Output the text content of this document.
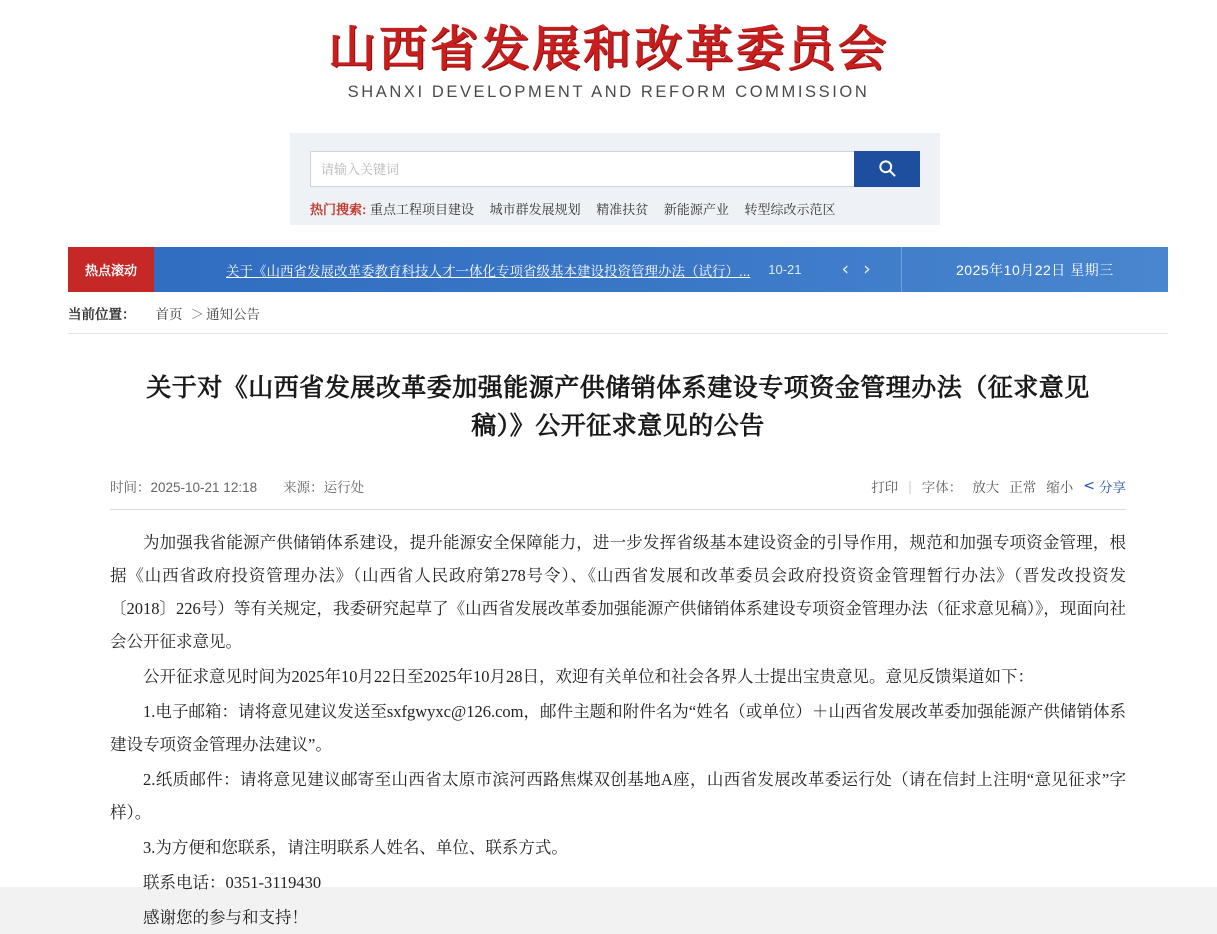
山西省发展和改革委员会
SHANXI DEVELOPMENT AND REFORM COMMISSION
请输入关键词
热门搜索: 重点工程项目建设 城市群发展规划 精准扶贫 新能源产业 转型综改示范区
热点滚动	关于《山西省发展改革委教育科技人才一体化专项省级基本建设投资管理办法（试行）... 10-21 ‹ ›	2025年10月22日 星期三
当前位置： 首页 ＞ 通知公告
关于对《山西省发展改革委加强能源产供储销体系建设专项资金管理办法（征求意见稿）》公开征求意见的公告
时间：2025-10-21 12:18 来源：运行处	打印 | 字体： 放大 正常 缩小 < 分享

为加强我省能源产供储销体系建设，提升能源安全保障能力，进一步发挥省级基本建设资金的引导作用，规范和加强专项资金管理，根据《山西省政府投资管理办法》（山西省人民政府第278号令）、《山西省发展和改革委员会政府投资资金管理暂行办法》（晋发改投资发〔2018〕226号）等有关规定，我委研究起草了《山西省发展改革委加强能源产供储销体系建设专项资金管理办法（征求意见稿）》，现面向社会公开征求意见。

公开征求意见时间为2025年10月22日至2025年10月28日，欢迎有关单位和社会各界人士提出宝贵意见。意见反馈渠道如下：

1.电子邮箱：请将意见建议发送至sxfgwyxc@126.com，邮件主题和附件名为“姓名（或单位）＋山西省发展改革委加强能源产供储销体系建设专项资金管理办法建议”。

2.纸质邮件：请将意见建议邮寄至山西省太原市滨河西路焦煤双创基地A座，山西省发展改革委运行处（请在信封上注明“意见征求”字样）。

3.为方便和您联系，请注明联系人姓名、单位、联系方式。

联系电话：0351-3119430

感谢您的参与和支持！
